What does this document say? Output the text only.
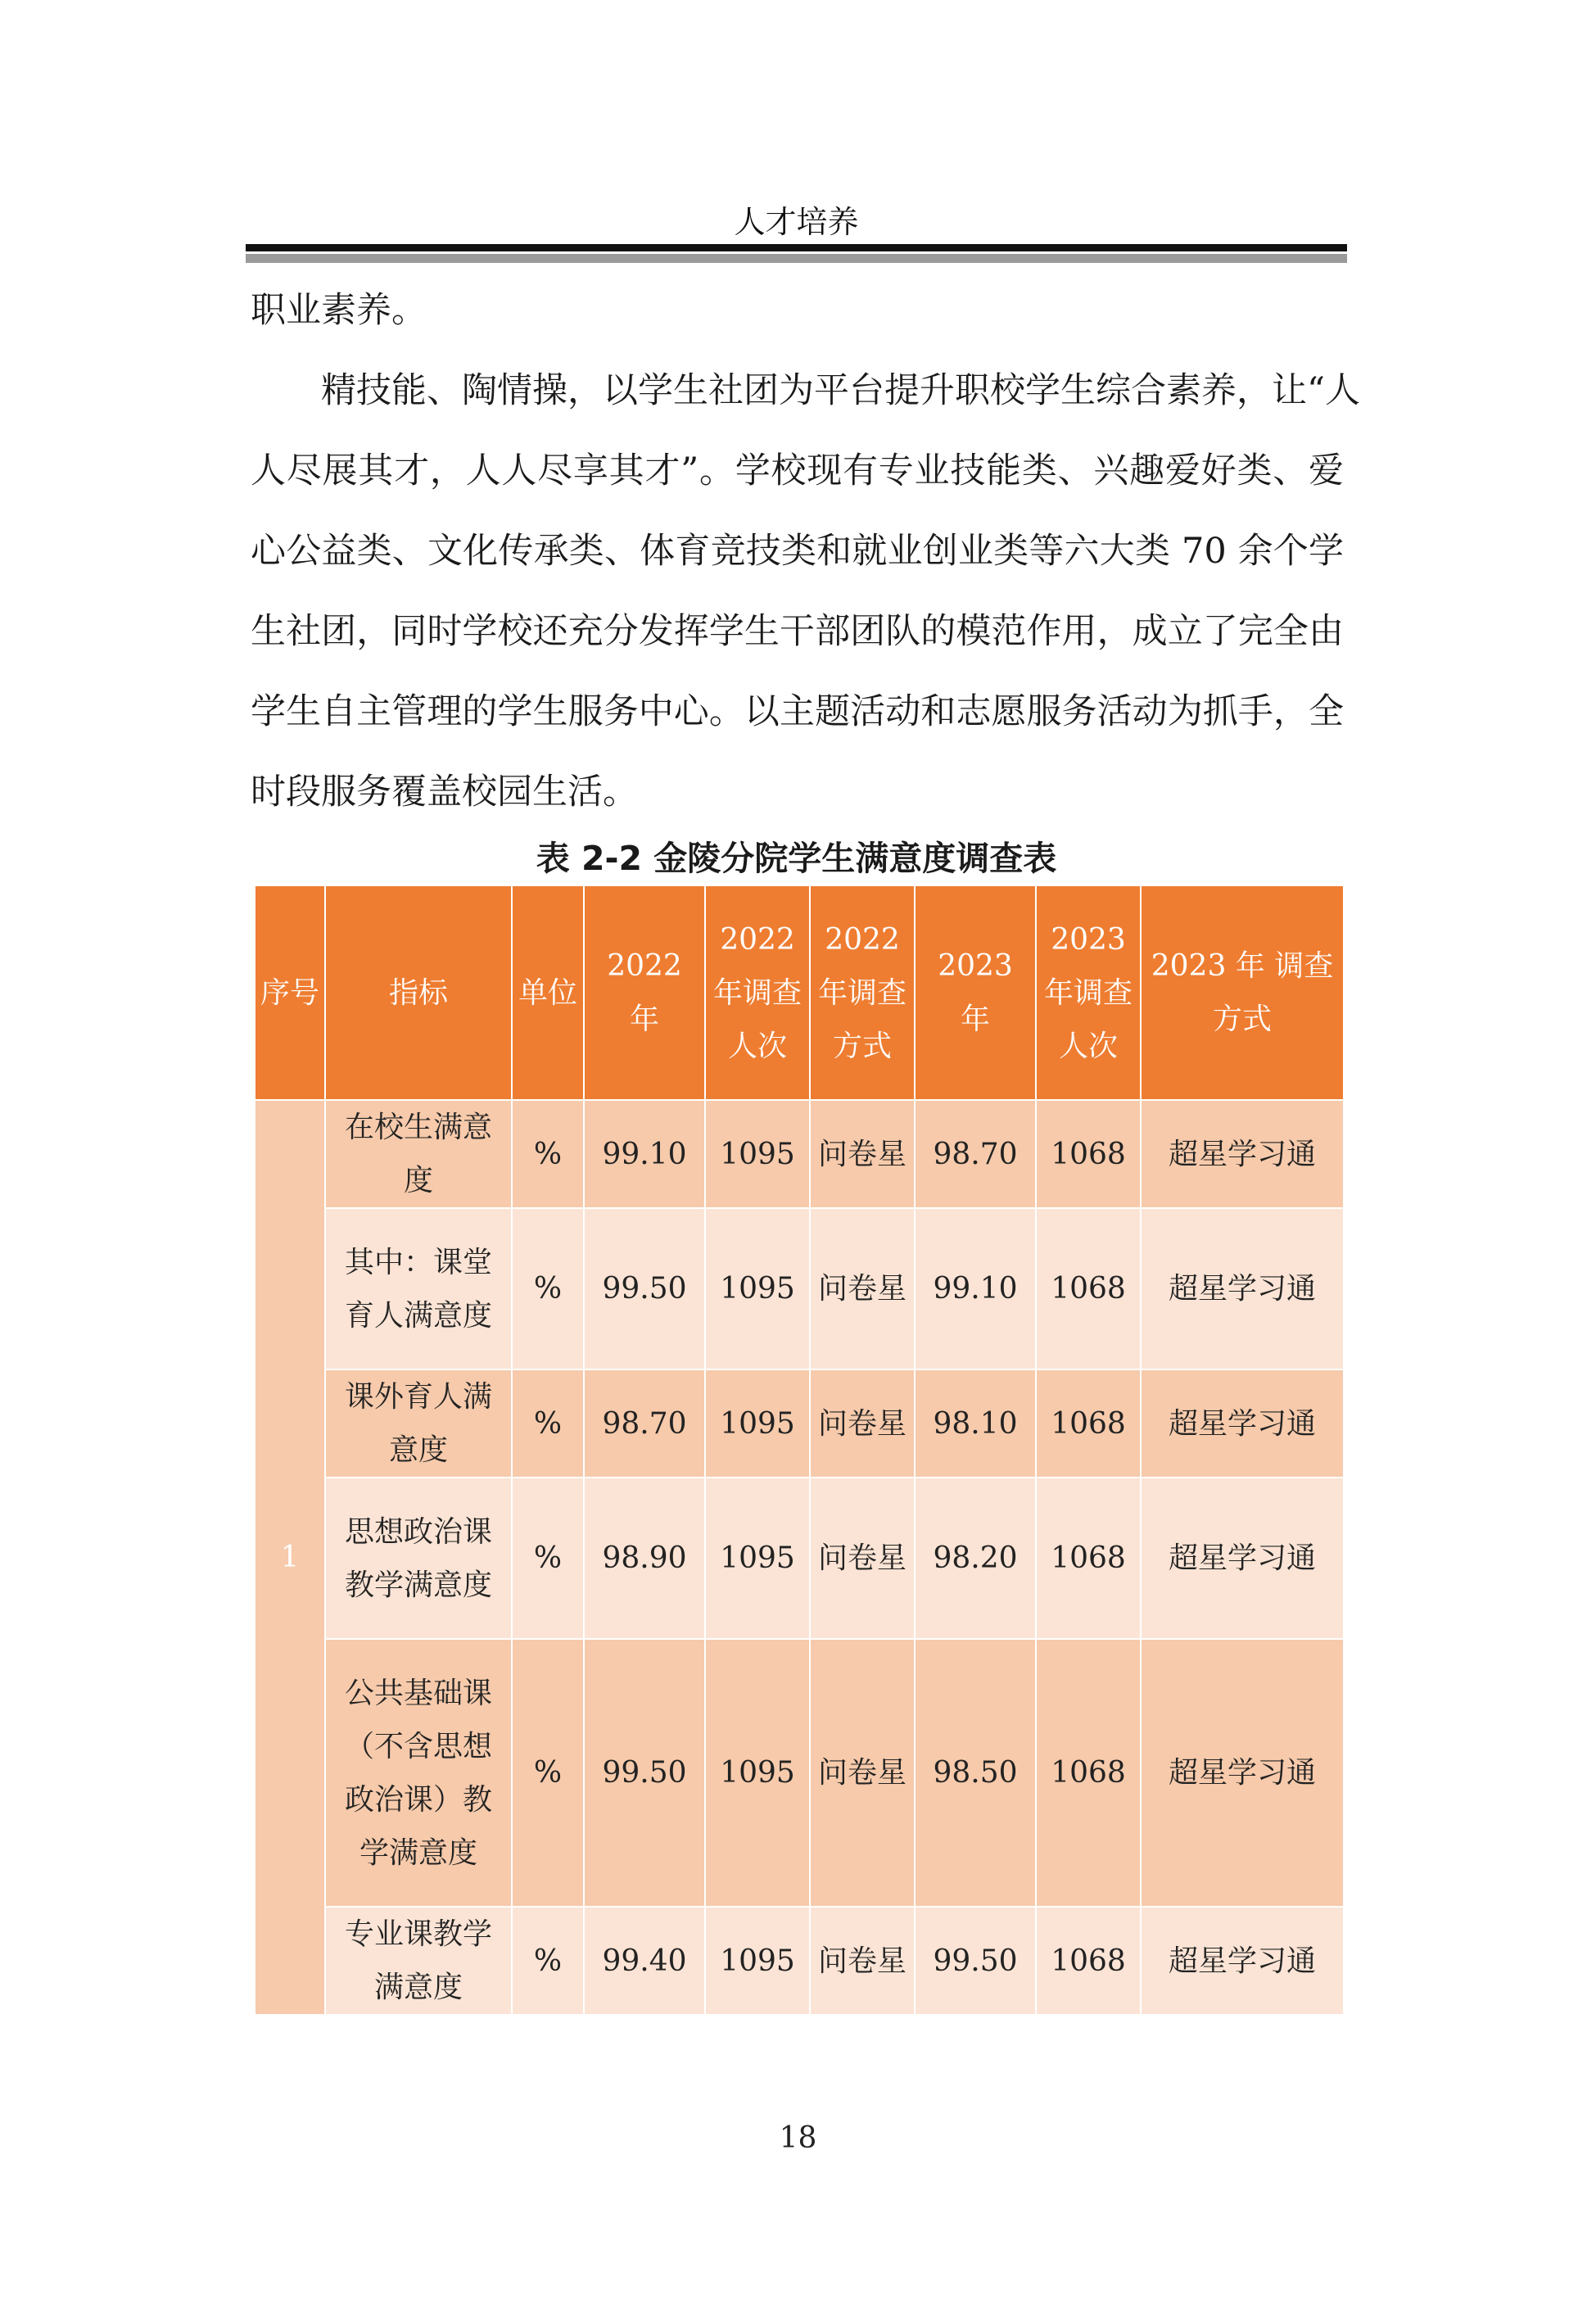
人才培养
职业素养。
精技能、陶情操，以学生社团为平台提升职校学生综合素养，让“人
人尽展其才，人人尽享其才”。学校现有专业技能类、兴趣爱好类、爱
心公益类、文化传承类、体育竞技类和就业创业类等六大类 70 余个学
生社团，同时学校还充分发挥学生干部团队的模范作用，成立了完全由
学生自主管理的学生服务中心。以主题活动和志愿服务活动为抓手，全
时段服务覆盖校园生活。
表 2-2 金陵分院学生满意度调查表
序号	指标	单位	2022 年	2022 年调查人次	2022 年调查方式	2023 年	2023 年调查人次	2023 年 调查方式
1	在校生满意度	%	99.10	1095	问卷星	98.70	1068	超星学习通
	其中：课堂育人满意度	%	99.50	1095	问卷星	99.10	1068	超星学习通
	课外育人满意度	%	98.70	1095	问卷星	98.10	1068	超星学习通
	思想政治课教学满意度	%	98.90	1095	问卷星	98.20	1068	超星学习通
	公共基础课（不含思想政治课）教学满意度	%	99.50	1095	问卷星	98.50	1068	超星学习通
	专业课教学满意度	%	99.40	1095	问卷星	99.50	1068	超星学习通
18
